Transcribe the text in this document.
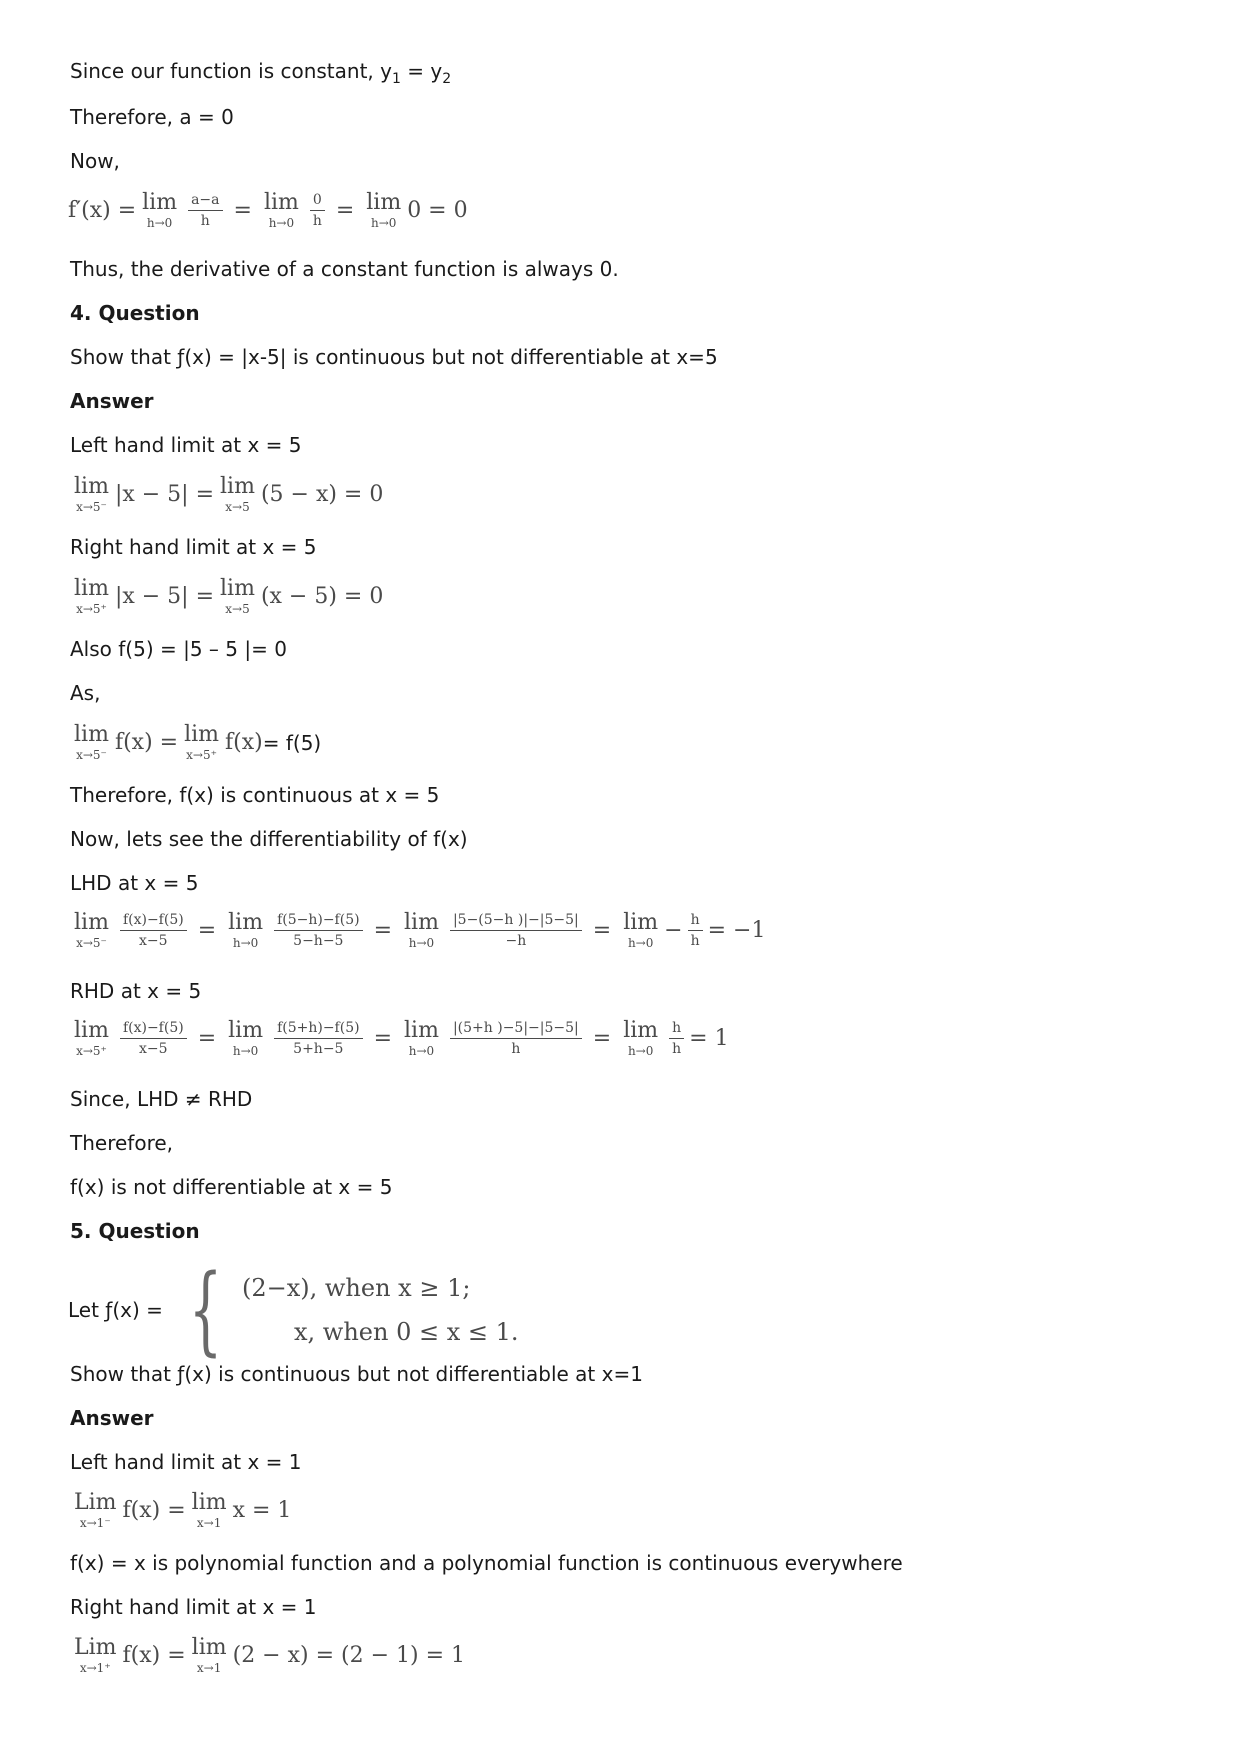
Since our function is constant, $y_1 = y_2$
Therefore, a = 0
Now,
f′(x) = lim
$h\to 0 \frac{a-a}{h} = \lim$
$h\to 0 \frac{0}{h} = \lim$
h→0 0 = 0
Thus, the derivative of a constant function is always 0.
4. Question
Show that ƒ(x) = |x-5| is continuous but not differentiable at x=5
Answer
Left hand limit at x = 5
lim
x→5⁻ |x − 5| = lim
x→5 (5 − x) = 0
Right hand limit at x = 5
lim
x→5⁺ |x − 5| = lim
x→5 (x − 5) = 0
Also f(5) = |5 – 5 |= 0
As,
lim
x→5⁻ f(x) = lim
x→5⁺ f(x) = f(5)
Therefore, f(x) is continuous at x = 5
Now, lets see the differentiability of f(x)
LHD at x = 5
lim
$x\to 5^- \frac{f(x)-f(5)}{x-5} = \lim$
$h\to 0 \frac{f(5-h)-f(5)}{5-h-5} = \lim$
$h\to 0 \frac{|5-(5-h )|-|5-5|}{-h} = \lim$
$h\to 0 - \frac{h}{h} = -1$
RHD at x = 5
lim
$x\to 5^+ \frac{f(x)-f(5)}{x-5} = \lim$
$h\to 0 \frac{f(5+h)-f(5)}{5+h-5} = \lim$
$h\to 0 \frac{|(5+h )-5|-|5-5|}{h} = \lim$
$h\to 0 \frac{h}{h} = 1$
Since, LHD ≠ RHD
Therefore,
f(x) is not differentiable at x = 5
5. Question
Let ƒ(x) = { (2−x), when x ≥ 1;
x, when 0 ≤ x ≤ 1.
Show that ƒ(x) is continuous but not differentiable at x=1
Answer
Left hand limit at x = 1
Lim
x→1⁻ f(x) = lim
x→1 x = 1
f(x) = x is polynomial function and a polynomial function is continuous everywhere
Right hand limit at x = 1
Lim
x→1⁺ f(x) = lim
x→1 (2 − x) = (2 − 1) = 1
